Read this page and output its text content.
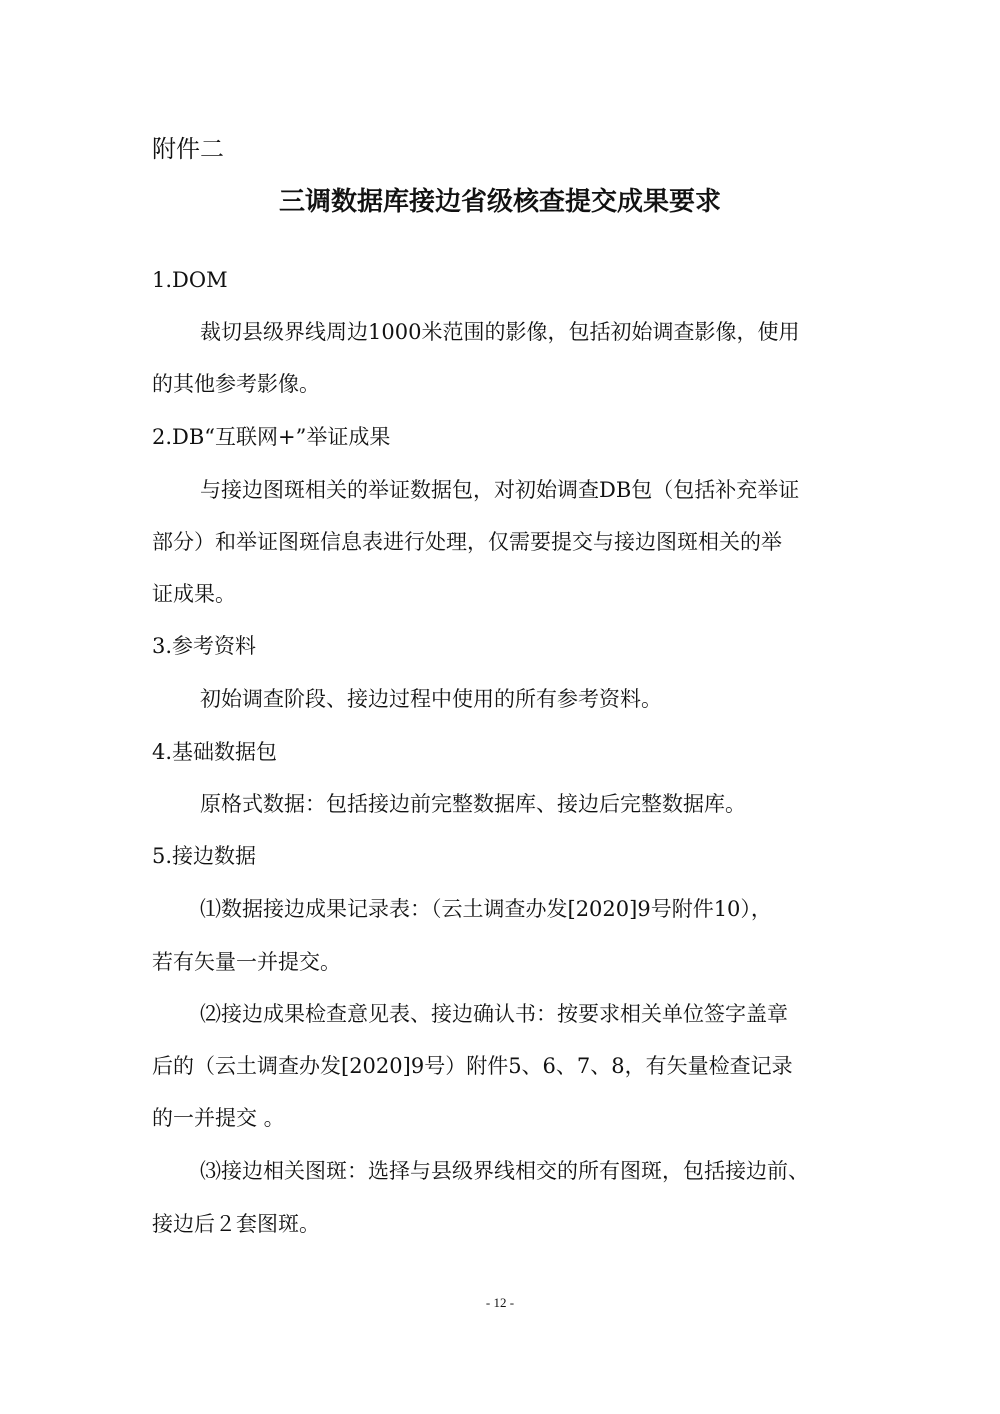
附件二
三调数据库接边省级核查提交成果要求
1.DOM
裁切县级界线周边1000米范围的影像，包括初始调查影像，使用
的其他参考影像。
2.DB“互联网+”举证成果
与接边图斑相关的举证数据包，对初始调查DB包（包括补充举证
部分）和举证图斑信息表进行处理，仅需要提交与接边图斑相关的举
证成果。
3.参考资料
初始调查阶段、接边过程中使用的所有参考资料。
4.基础数据包
原格式数据：包括接边前完整数据库、接边后完整数据库。
5.接边数据
⑴数据接边成果记录表：（云土调查办发[2020]9号附件10），
若有矢量一并提交。
⑵接边成果检查意见表、接边确认书：按要求相关单位签字盖章
后的（云土调查办发[2020]9号）附件5、6、7、8，有矢量检查记录
的一并提交 。
⑶接边相关图斑：选择与县级界线相交的所有图斑，包括接边前、
接边后２套图斑。
- 12 -
